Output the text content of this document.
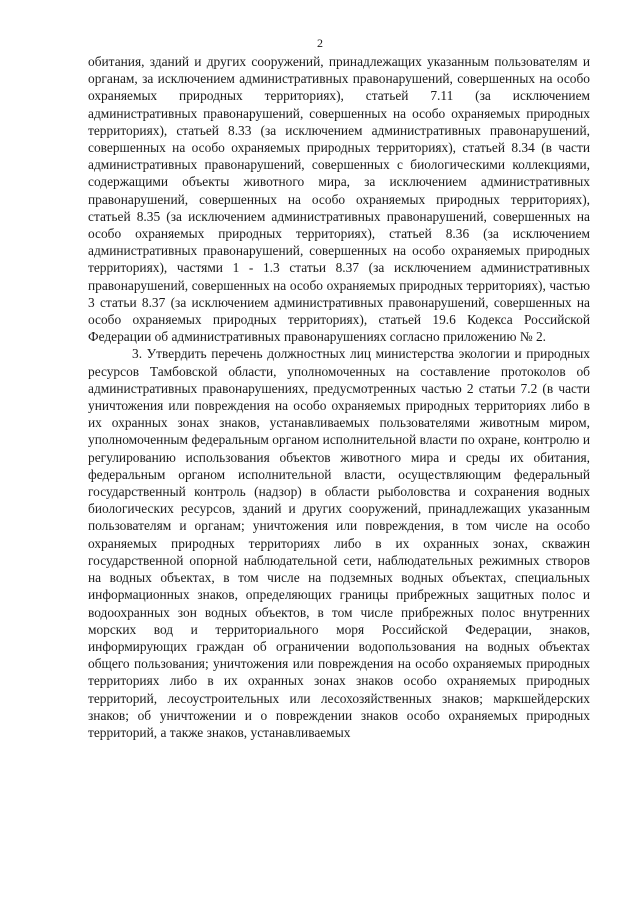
2

обитания, зданий и других сооружений, принадлежащих указанным пользователям и органам, за исключением административных правонарушений, совершенных на особо охраняемых природных территориях), статьей 7.11 (за исключением административных правонарушений, совершенных на особо охраняемых природных территориях), статьей 8.33 (за исключением административных правонарушений, совершенных на особо охраняемых природных территориях), статьей 8.34 (в части административных правонарушений, совершенных с биологическими коллекциями, содержащими объекты животного мира, за исключением административных правонарушений, совершенных на особо охраняемых природных территориях), статьей 8.35 (за исключением административных правонарушений, совершенных на особо охраняемых природных территориях), статьей 8.36 (за исключением административных правонарушений, совершенных на особо охраняемых природных территориях), частями 1 - 1.3 статьи 8.37 (за исключением административных правонарушений, совершенных на особо охраняемых природных территориях), частью 3 статьи 8.37 (за исключением административных правонарушений, совершенных на особо охраняемых природных территориях), статьей 19.6 Кодекса Российской Федерации об административных правонарушениях согласно приложению № 2.

3. Утвердить перечень должностных лиц министерства экологии и природных ресурсов Тамбовской области, уполномоченных на составление протоколов об административных правонарушениях, предусмотренных частью 2 статьи 7.2 (в части уничтожения или повреждения на особо охраняемых природных территориях либо в их охранных зонах знаков, устанавливаемых пользователями животным миром, уполномоченным федеральным органом исполнительной власти по охране, контролю и регулированию использования объектов животного мира и среды их обитания, федеральным органом исполнительной власти, осуществляющим федеральный государственный контроль (надзор) в области рыболовства и сохранения водных биологических ресурсов, зданий и других сооружений, принадлежащих указанным пользователям и органам; уничтожения или повреждения, в том числе на особо охраняемых природных территориях либо в их охранных зонах, скважин государственной опорной наблюдательной сети, наблюдательных режимных створов на водных объектах, в том числе на подземных водных объектах, специальных информационных знаков, определяющих границы прибрежных защитных полос и водоохранных зон водных объектов, в том числе прибрежных полос внутренних морских вод и территориального моря Российской Федерации, знаков, информирующих граждан об ограничении водопользования на водных объектах общего пользования; уничтожения или повреждения на особо охраняемых природных территориях либо в их охранных зонах знаков особо охраняемых природных территорий, лесоустроительных или лесохозяйственных знаков; маркшейдерских знаков; об уничтожении и о повреждении знаков особо охраняемых природных территорий, а также знаков, устанавливаемых
